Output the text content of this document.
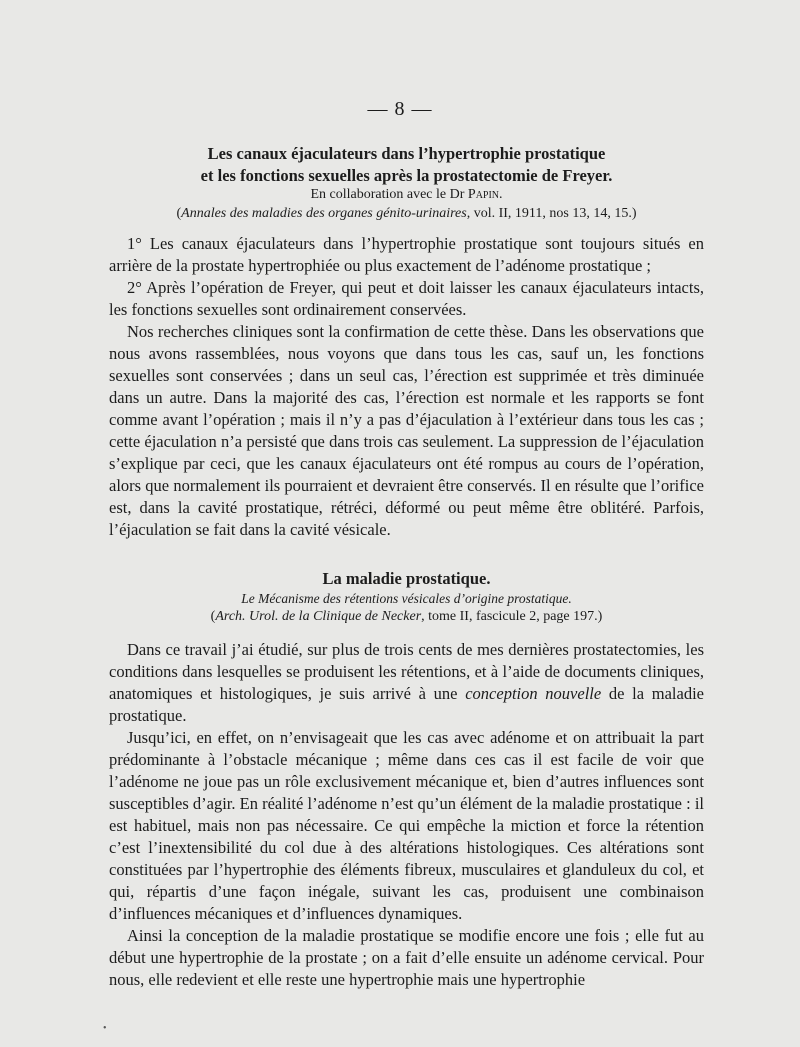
— 8 —
Les canaux éjaculateurs dans l’hypertrophie prostatique
et les fonctions sexuelles après la prostatectomie de Freyer.
En collaboration avec le Dr Papin.
(Annales des maladies des organes génito-urinaires, vol. II, 1911, nos 13, 14, 15.)

1° Les canaux éjaculateurs dans l’hypertrophie prostatique sont toujours situés en arrière de la prostate hypertrophiée ou plus exactement de l’adénome prostatique ;

2° Après l’opération de Freyer, qui peut et doit laisser les canaux éjaculateurs intacts, les fonctions sexuelles sont ordinairement conservées.

Nos recherches cliniques sont la confirmation de cette thèse. Dans les observations que nous avons rassemblées, nous voyons que dans tous les cas, sauf un, les fonctions sexuelles sont conservées ; dans un seul cas, l’érection est supprimée et très diminuée dans un autre. Dans la majorité des cas, l’érection est normale et les rapports se font comme avant l’opération ; mais il n’y a pas d’éjaculation à l’extérieur dans tous les cas ; cette éjaculation n’a persisté que dans trois cas seulement. La suppression de l’éjaculation s’explique par ceci, que les canaux éjaculateurs ont été rompus au cours de l’opération, alors que normalement ils pourraient et devraient être conservés. Il en résulte que l’orifice est, dans la cavité prostatique, rétréci, déformé ou peut même être oblitéré. Parfois, l’éjaculation se fait dans la cavité vésicale.

La maladie prostatique.
Le Mécanisme des rétentions vésicales d’origine prostatique.
(Arch. Urol. de la Clinique de Necker, tome II, fascicule 2, page 197.)

Dans ce travail j’ai étudié, sur plus de trois cents de mes dernières prostatectomies, les conditions dans lesquelles se produisent les rétentions, et à l’aide de documents cliniques, anatomiques et histologiques, je suis arrivé à une conception nouvelle de la maladie prostatique.

Jusqu’ici, en effet, on n’envisageait que les cas avec adénome et on attribuait la part prédominante à l’obstacle mécanique ; même dans ces cas il est facile de voir que l’adénome ne joue pas un rôle exclusivement mécanique et, bien d’autres influences sont susceptibles d’agir. En réalité l’adénome n’est qu’un élément de la maladie prostatique : il est habituel, mais non pas nécessaire. Ce qui empêche la miction et force la rétention c’est l’inextensibilité du col due à des altérations histologiques. Ces altérations sont constituées par l’hypertrophie des éléments fibreux, musculaires et glanduleux du col, et qui, répartis d’une façon inégale, suivant les cas, produisent une combinaison d’influences mécaniques et d’influences dynamiques.

Ainsi la conception de la maladie prostatique se modifie encore une fois ; elle fut au début une hypertrophie de la prostate ; on a fait d’elle ensuite un adénome cervical. Pour nous, elle redevient et elle reste une hypertrophie mais une hypertrophie

•
